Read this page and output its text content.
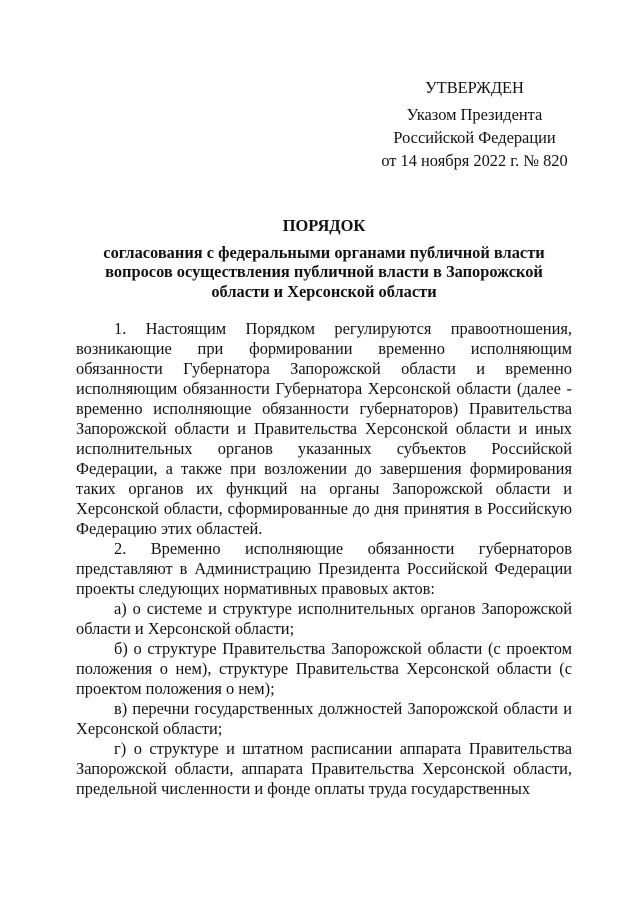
УТВЕРЖДЕН
Указом Президента
Российской Федерации
от 14 ноября 2022 г. № 820
ПОРЯДОК
согласования с федеральными органами публичной власти вопросов осуществления публичной власти в Запорожской области и Херсонской области

1. Настоящим Порядком регулируются правоотношения, возникающие при формировании временно исполняющим обязанности Губернатора Запорожской области и временно исполняющим обязанности Губернатора Херсонской области (далее - временно исполняющие обязанности губернаторов) Правительства Запорожской области и Правительства Херсонской области и иных исполнительных органов указанных субъектов Российской Федерации, а также при возложении до завершения формирования таких органов их функций на органы Запорожской области и Херсонской области, сформированные до дня принятия в Российскую Федерацию этих областей.

2. Временно исполняющие обязанности губернаторов представляют в Администрацию Президента Российской Федерации проекты следующих нормативных правовых актов:

а) о системе и структуре исполнительных органов Запорожской области и Херсонской области;

б) о структуре Правительства Запорожской области (с проектом положения о нем), структуре Правительства Херсонской области (с проектом положения о нем);

в) перечни государственных должностей Запорожской области и Херсонской области;

г) о структуре и штатном расписании аппарата Правительства Запорожской области, аппарата Правительства Херсонской области, предельной численности и фонде оплаты труда государственных
